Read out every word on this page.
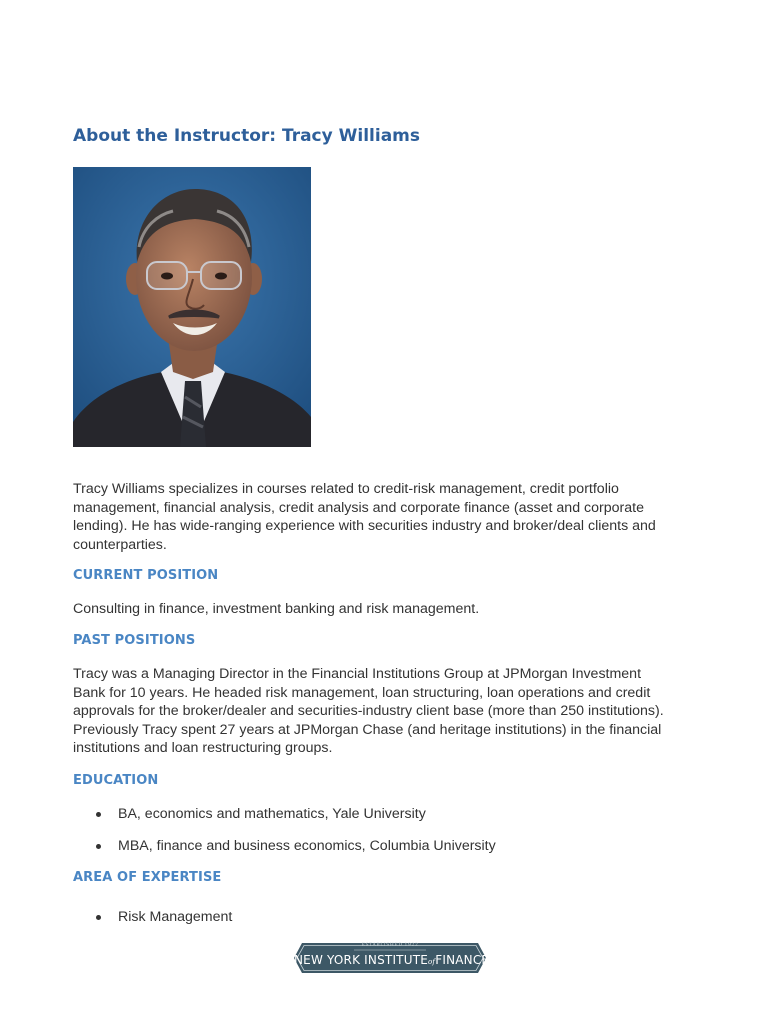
About the Instructor: Tracy Williams

Tracy Williams specializes in courses related to credit-risk management, credit portfolio management, financial analysis, credit analysis and corporate finance (asset and corporate lending). He has wide-ranging experience with securities industry and broker/deal clients and counterparties.

CURRENT POSITION

Consulting in finance, investment banking and risk management.

PAST POSITIONS

Tracy was a Managing Director in the Financial Institutions Group at JPMorgan Investment Bank for 10 years. He headed risk management, loan structuring, loan operations and credit approvals for the broker/dealer and securities-industry client base (more than 250 institutions). Previously Tracy spent 27 years at JPMorgan Chase (and heritage institutions) in the financial institutions and loan restructuring groups.

EDUCATION
BA, economics and mathematics, Yale University
MBA, finance and business economics, Columbia University
AREA OF EXPERTISE
Risk Management
ESTABLISHED 1922
NEW YORK INSTITUTEofFINANCE
